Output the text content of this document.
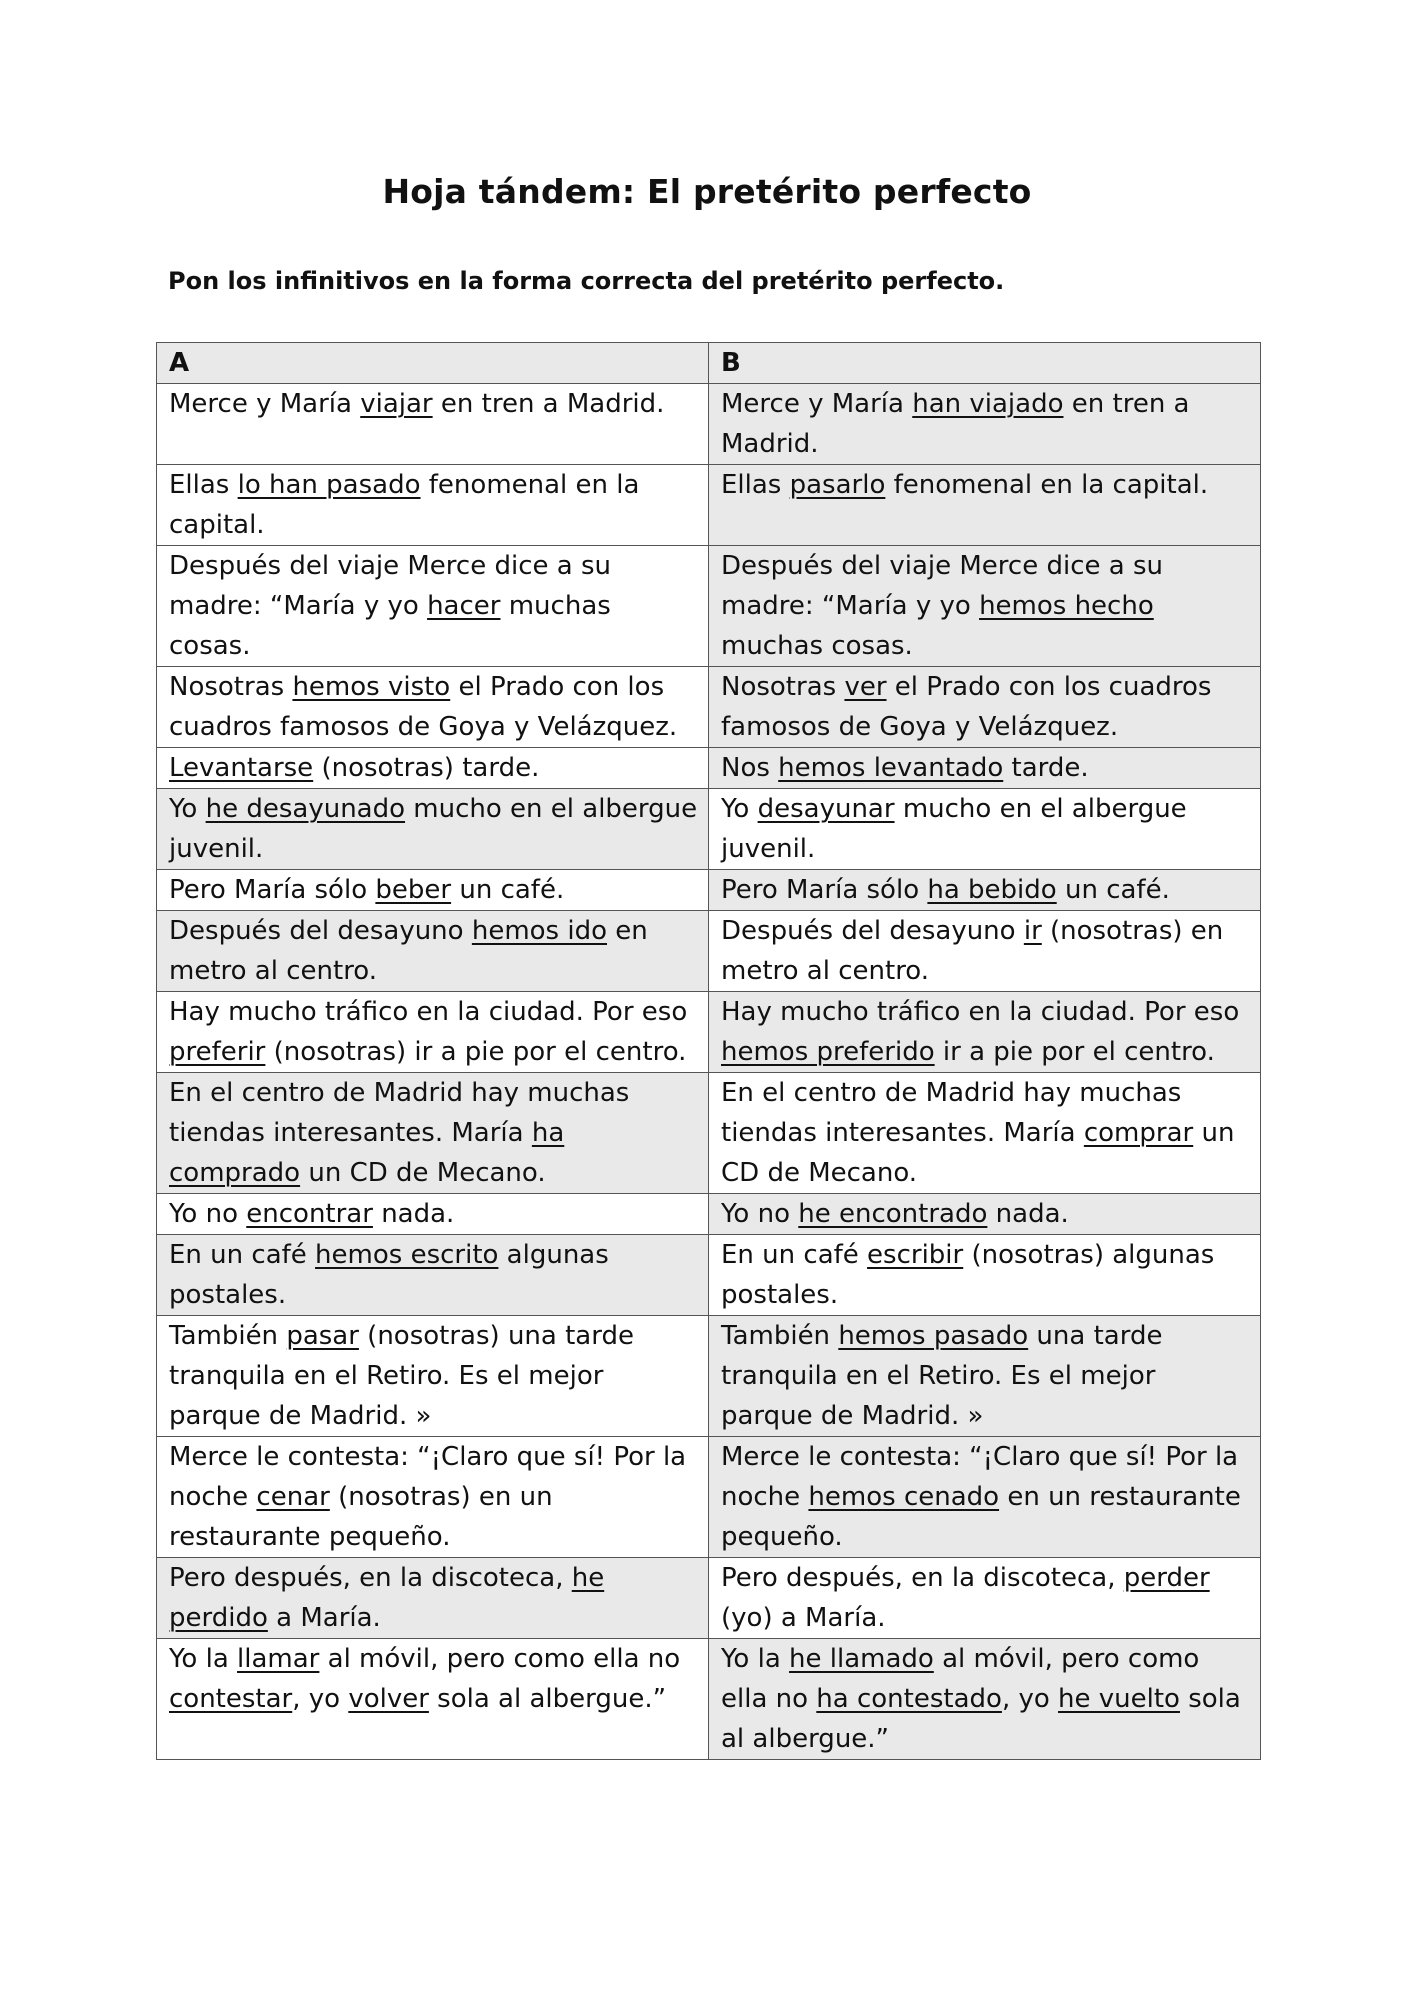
Hoja tándem: El pretérito perfecto

Pon los infinitivos en la forma correcta del pretérito perfecto.

A	B
Merce y María viajar en tren a Madrid.	Merce y María han viajado en tren a Madrid.
Ellas lo han pasado fenomenal en la capital.	Ellas pasarlo fenomenal en la capital.
Después del viaje Merce dice a su madre: “María y yo hacer muchas cosas.	Después del viaje Merce dice a su madre: “María y yo hemos hecho muchas cosas.
Nosotras hemos visto el Prado con los cuadros famosos de Goya y Velázquez.	Nosotras ver el Prado con los cuadros famosos de Goya y Velázquez.
Levantarse (nosotras) tarde.	Nos hemos levantado tarde.
Yo he desayunado mucho en el albergue juvenil.	Yo desayunar mucho en el albergue juvenil.
Pero María sólo beber un café.	Pero María sólo ha bebido un café.
Después del desayuno hemos ido en metro al centro.	Después del desayuno ir (nosotras) en metro al centro.
Hay mucho tráfico en la ciudad. Por eso preferir (nosotras) ir a pie por el centro.	Hay mucho tráfico en la ciudad. Por eso hemos preferido ir a pie por el centro.
En el centro de Madrid hay muchas tiendas interesantes. María ha comprado un CD de Mecano.	En el centro de Madrid hay muchas tiendas interesantes. María comprar un CD de Mecano.
Yo no encontrar nada.	Yo no he encontrado nada.
En un café hemos escrito algunas postales.	En un café escribir (nosotras) algunas postales.
También pasar (nosotras) una tarde tranquila en el Retiro. Es el mejor parque de Madrid. »	También hemos pasado una tarde tranquila en el Retiro. Es el mejor parque de Madrid. »
Merce le contesta: “¡Claro que sí! Por la noche cenar (nosotras) en un restaurante pequeño.	Merce le contesta: “¡Claro que sí! Por la noche hemos cenado en un restaurante pequeño.
Pero después, en la discoteca, he perdido a María.	Pero después, en la discoteca, perder (yo) a María.
Yo la llamar al móvil, pero como ella no contestar, yo volver sola al albergue.”	Yo la he llamado al móvil, pero como ella no ha contestado, yo he vuelto sola al albergue.”
